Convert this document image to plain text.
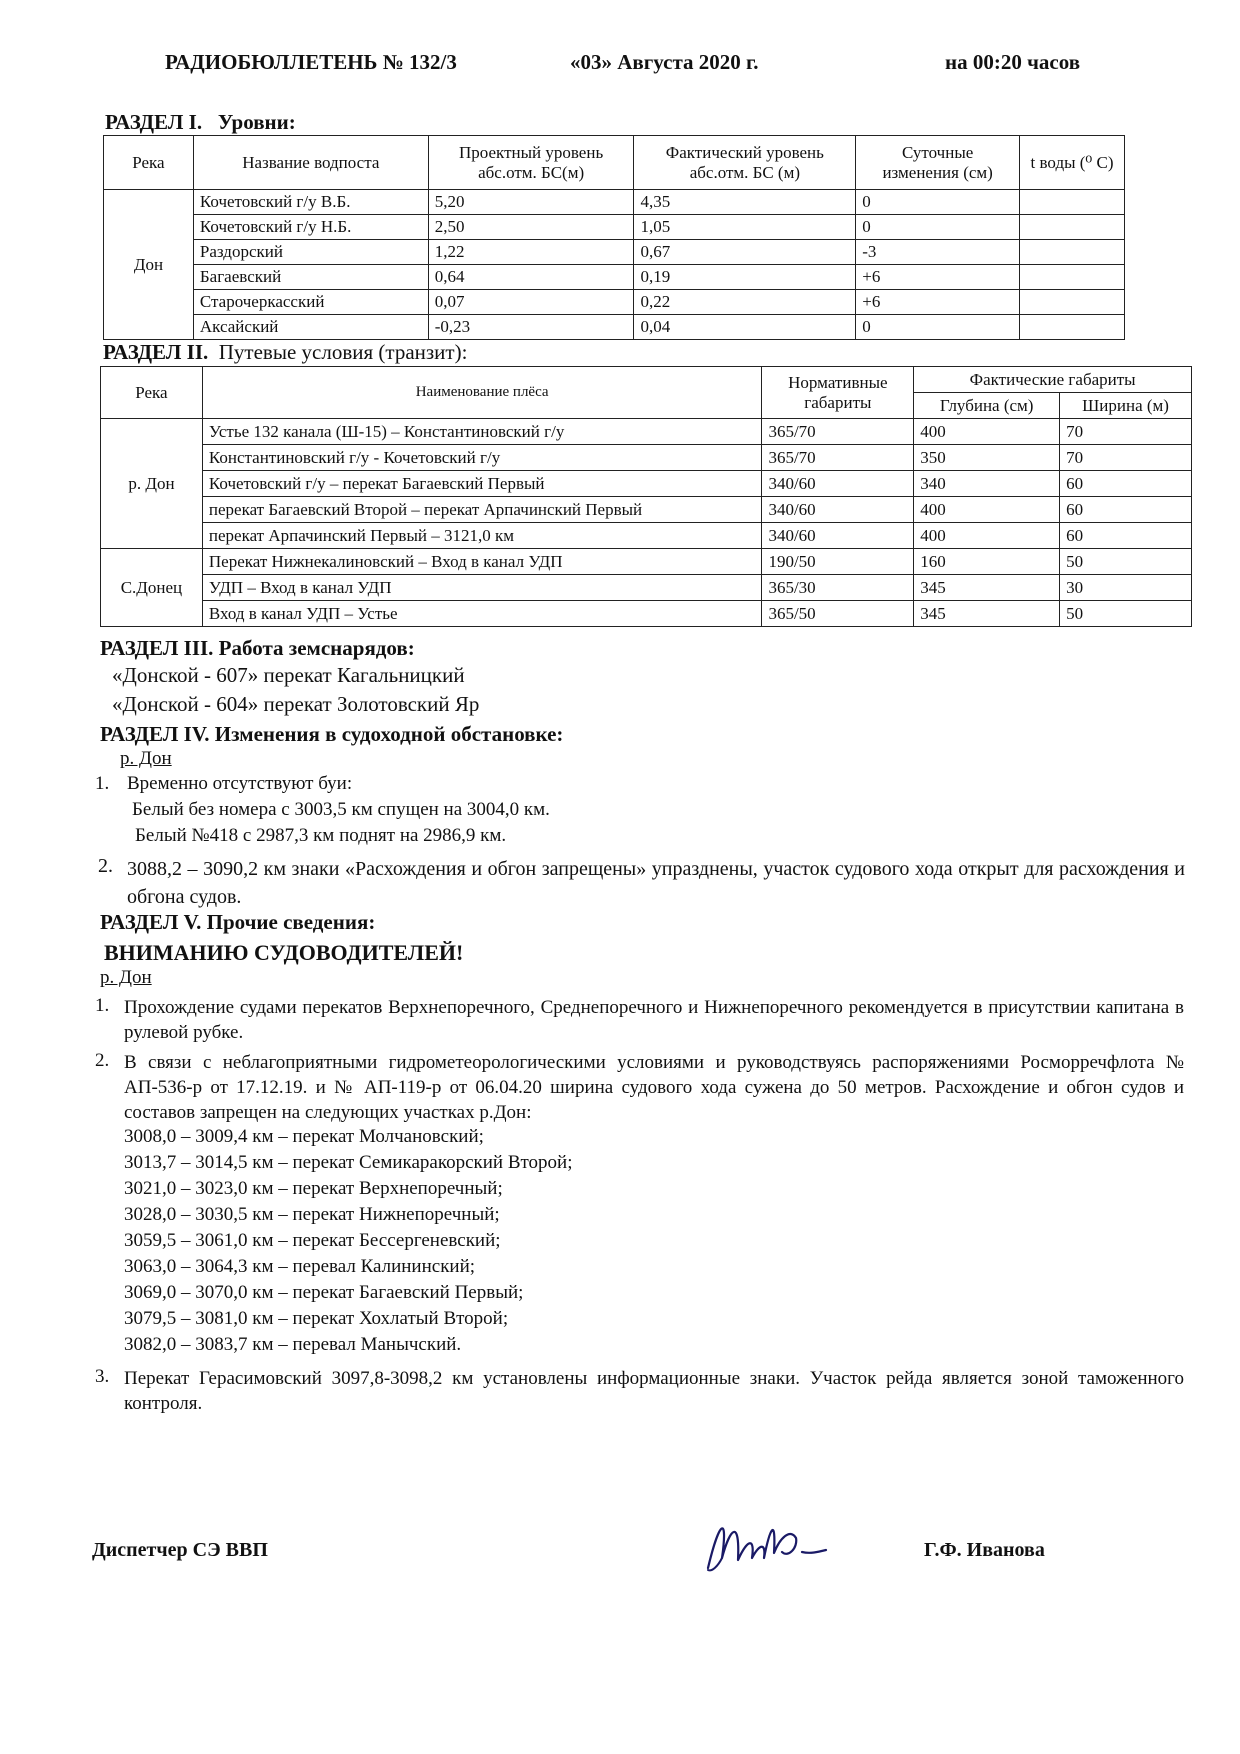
РАДИОБЮЛЛЕТЕНЬ № 132/3	«03» Августа 2020 г.	на 00:20 часов
РАЗДЕЛ I. Уровни:
Река	Название водпоста	Проектный уровень абс.отм. БС(м)	Фактический уровень абс.отм. БС (м)	Суточные изменения (см)	t воды (⁰ С)
Дон	Кочетовский г/у В.Б.	5,20	4,35	0	
	Кочетовский г/у Н.Б.	2,50	1,05	0	
	Раздорский	1,22	0,67	-3	
	Багаевский	0,64	0,19	+6	
	Старочеркасский	0,07	0,22	+6	
	Аксайский	-0,23	0,04	0	
РАЗДЕЛ II. Путевые условия (транзит):
Река	Наименование плёса	Нормативные габариты	Фактические габариты	
			Глубина (см)	Ширина (м)
р. Дон	Устье 132 канала (Ш-15) – Константиновский г/у	365/70	400	70
	Константиновский г/у - Кочетовский г/у	365/70	350	70
	Кочетовский г/у – перекат Багаевский Первый	340/60	340	60
	перекат Багаевский Второй – перекат Арпачинский Первый	340/60	400	60
	перекат Арпачинский Первый – 3121,0 км	340/60	400	60
С.Донец	Перекат Нижнекалиновский – Вход в канал УДП	190/50	160	50
	УДП – Вход в канал УДП	365/30	345	30
	Вход в канал УДП – Устье	365/50	345	50
РАЗДЕЛ III. Работа земснарядов:
«Донской - 607» перекат Кагальницкий
«Донской - 604» перекат Золотовский Яр
РАЗДЕЛ IV. Изменения в судоходной обстановке:
р. Дон
1. Временно отсутствуют буи:
Белый без номера с 3003,5 км спущен на 3004,0 км.
Белый №418 с 2987,3 км поднят на 2986,9 км.
2. 3088,2 – 3090,2 км знаки «Расхождения и обгон запрещены» упразднены, участок судового хода открыт для расхождения и обгона судов.
РАЗДЕЛ V. Прочие сведения:
ВНИМАНИЮ СУДОВОДИТЕЛЕЙ!
р. Дон
1. Прохождение судами перекатов Верхнепоречного, Среднепоречного и Нижнепоречного рекомендуется в присутствии капитана в рулевой рубке.
2. В связи с неблагоприятными гидрометеорологическими условиями и руководствуясь распоряжениями Росморречфлота № АП-536-р от 17.12.19. и № АП-119-р от 06.04.20 ширина судового хода сужена до 50 метров. Расхождение и обгон судов и составов запрещен на следующих участках р.Дон:
3008,0 – 3009,4 км – перекат Молчановский;
3013,7 – 3014,5 км – перекат Семикаракорский Второй;
3021,0 – 3023,0 км – перекат Верхнепоречный;
3028,0 – 3030,5 км – перекат Нижнепоречный;
3059,5 – 3061,0 км – перекат Бессергеневский;
3063,0 – 3064,3 км – перевал Калининский;
3069,0 – 3070,0 км – перекат Багаевский Первый;
3079,5 – 3081,0 км – перекат Хохлатый Второй;
3082,0 – 3083,7 км – перевал Манычский.
3. Перекат Герасимовский 3097,8-3098,2 км установлены информационные знаки. Участок рейда является зоной таможенного контроля.
Диспетчер СЭ ВВП	Г.Ф. Иванова
